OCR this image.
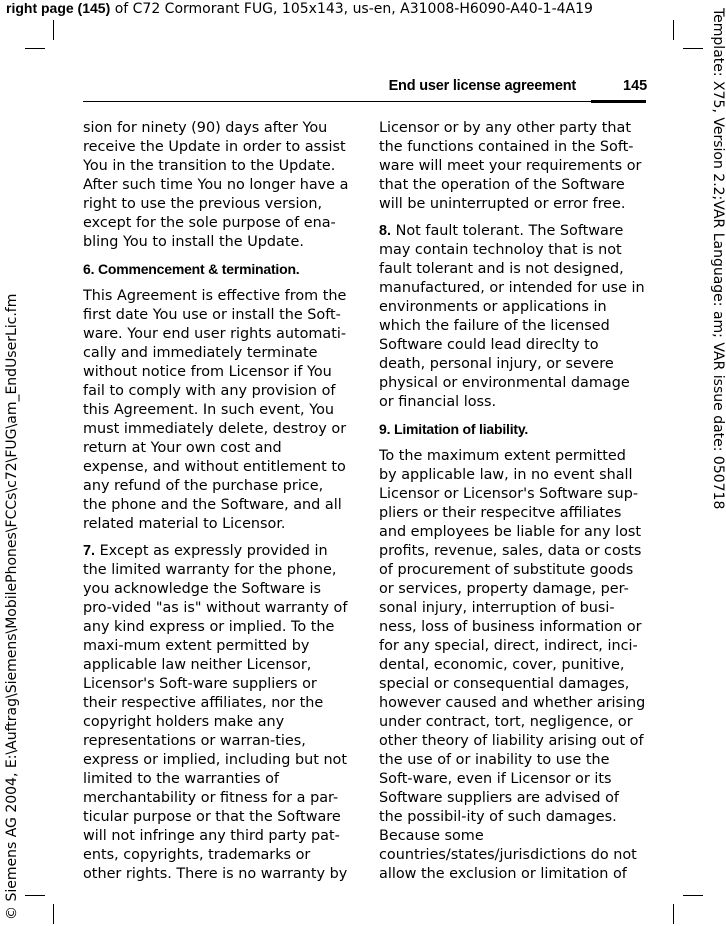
right page (145) of C72 Cormorant FUG, 105x143, us-en, A31008-H6090-A40-1-4A19	Template: X75, Version 2.2;VAR Language: am; VAR issue date: 050718
© Siemens AG 2004, E:\Auftrag\Siemens\MobilePhones\FCCs\c72\FUG\am_EndUserLic.fm
End user license agreement	145

sion for ninety (90) days after You receive the Update in order to assist You in the transition to the Update. After such time You no longer have a right to use the previous version, except for the sole purpose of ena-bling You to install the Update.

6. Commencement & termination.

This Agreement is effective from the first date You use or install the Soft-ware. Your end user rights automati-cally and immediately terminate without notice from Licensor if You fail to comply with any provision of this Agreement. In such event, You must immediately delete, destroy or return at Your own cost and expense, and without entitlement to any refund of the purchase price, the phone and the Software, and all related material to Licensor.

7. Except as expressly provided in the limited warranty for the phone, you acknowledge the Software is pro-vided "as is" without warranty of any kind express or implied. To the maxi-mum extent permitted by applicable law neither Licensor, Licensor's Soft-ware suppliers or their respective affiliates, nor the copyright holders make any representations or warran-ties, express or implied, including but not limited to the warranties of merchantability or fitness for a par-ticular purpose or that the Software will not infringe any third party pat-ents, copyrights, trademarks or other rights. There is no warranty by

Licensor or by any other party that the functions contained in the Soft-ware will meet your requirements or that the operation of the Software will be uninterrupted or error free.

8. Not fault tolerant. The Software may contain technoloy that is not fault tolerant and is not designed, manufactured, or intended for use in environments or applications in which the failure of the licensed Software could lead direclty to death, personal injury, or severe physical or environmental damage or financial loss.

9. Limitation of liability.

To the maximum extent permitted by applicable law, in no event shall Licensor or Licensor's Software sup-pliers or their respecitve affiliates and employees be liable for any lost profits, revenue, sales, data or costs of procurement of substitute goods or services, property damage, per-sonal injury, interruption of busi-ness, loss of business information or for any special, direct, indirect, inci-dental, economic, cover, punitive, special or consequential damages, however caused and whether arising under contract, tort, negligence, or other theory of liability arising out of the use of or inability to use the Soft-ware, even if Licensor or its Software suppliers are advised of the possibil-ity of such damages. Because some countries/states/jurisdictions do not allow the exclusion or limitation of
